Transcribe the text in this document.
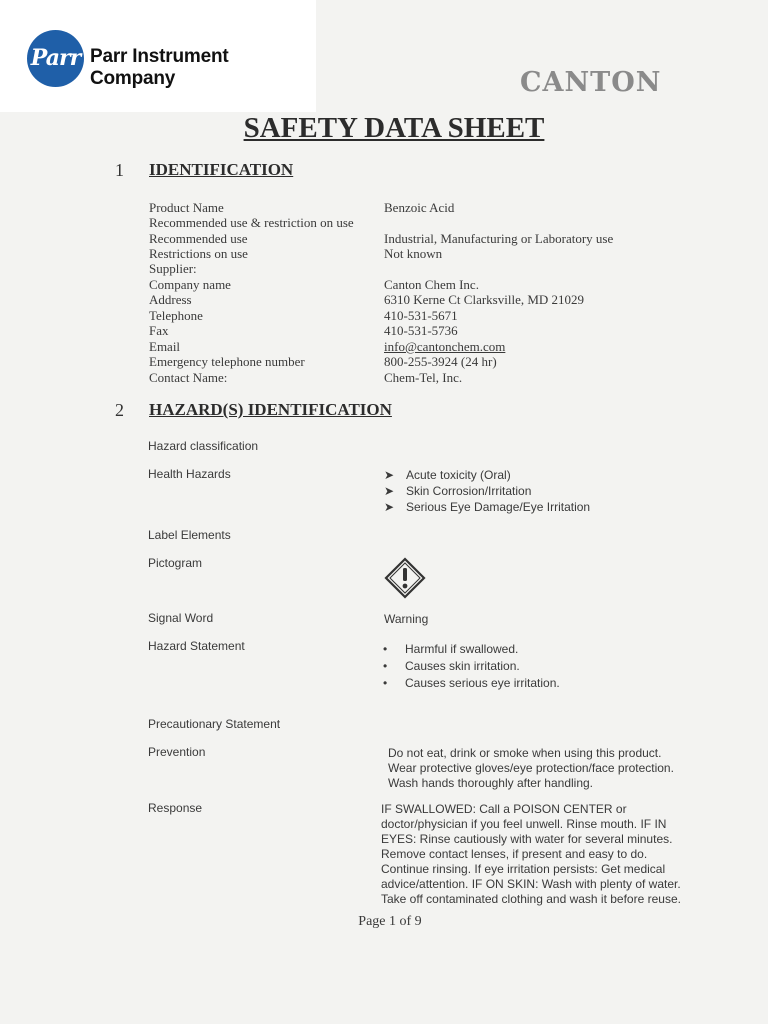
Parr Parr Instrument Company	CANTON
SAFETY DATA SHEET
1 IDENTIFICATION
Product Name	Benzoic Acid
Recommended use & restriction on use
Recommended use	Industrial, Manufacturing or Laboratory use
Restrictions on use	Not known
Supplier:
Company name	Canton Chem Inc.
Address	6310 Kerne Ct Clarksville, MD 21029
Telephone	410-531-5671
Fax	410-531-5736
Email	info@cantonchem.com
Emergency telephone number	800-255-3924 (24 hr)
Contact Name:	Chem-Tel, Inc.
2 HAZARD(S) IDENTIFICATION
Hazard classification
Health Hazards	➤ Acute toxicity (Oral)
➤ Skin Corrosion/Irritation
➤ Serious Eye Damage/Eye Irritation
Label Elements
Pictogram
Signal Word	Warning
Hazard Statement	• Harmful if swallowed.
• Causes skin irritation.
• Causes serious eye irritation.
Precautionary Statement
Prevention	Do not eat, drink or smoke when using this product.
Wear protective gloves/eye protection/face protection.
Wash hands thoroughly after handling.
Response	IF SWALLOWED: Call a POISON CENTER or
doctor/physician if you feel unwell. Rinse mouth. IF IN
EYES: Rinse cautiously with water for several minutes.
Remove contact lenses, if present and easy to do.
Continue rinsing. If eye irritation persists: Get medical
advice/attention. IF ON SKIN: Wash with plenty of water.
Take off contaminated clothing and wash it before reuse.
Page 1 of 9
